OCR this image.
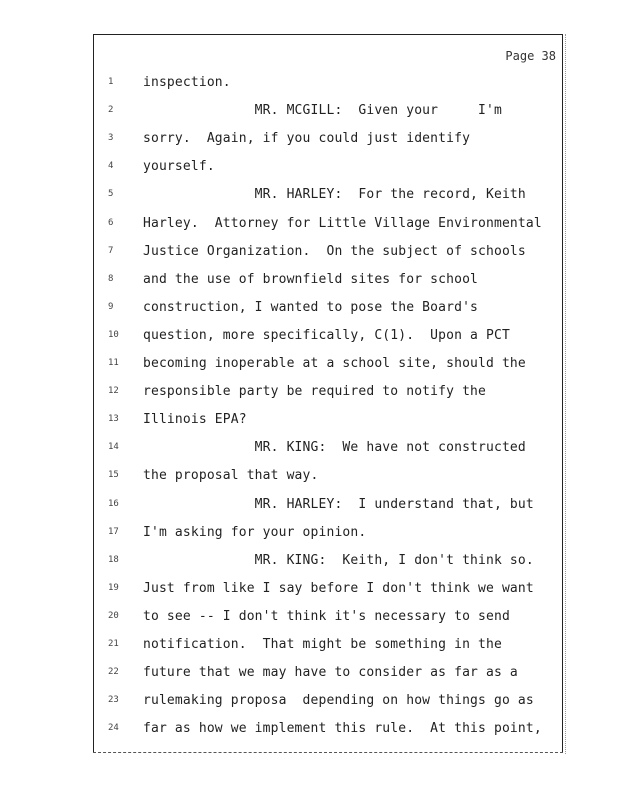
Page 38
1 inspection.
2 MR. MCGILL:  Given your     I'm
3 sorry.  Again, if you could just identify
4 yourself.
5 MR. HARLEY:  For the record, Keith
6 Harley.  Attorney for Little Village Environmental
7 Justice Organization.  On the subject of schools
8 and the use of brownfield sites for school
9 construction, I wanted to pose the Board's
10 question, more specifically, C(1).  Upon a PCT
11 becoming inoperable at a school site, should the
12 responsible party be required to notify the
13 Illinois EPA?
14 MR. KING:  We have not constructed
15 the proposal that way.
16 MR. HARLEY:  I understand that, but
17 I'm asking for your opinion.
18 MR. KING:  Keith, I don't think so.
19 Just from like I say before I don't think we want
20 to see -- I don't think it's necessary to send
21 notification.  That might be something in the
22 future that we may have to consider as far as a
23 rulemaking proposa  depending on how things go as
24 far as how we implement this rule.  At this point,
